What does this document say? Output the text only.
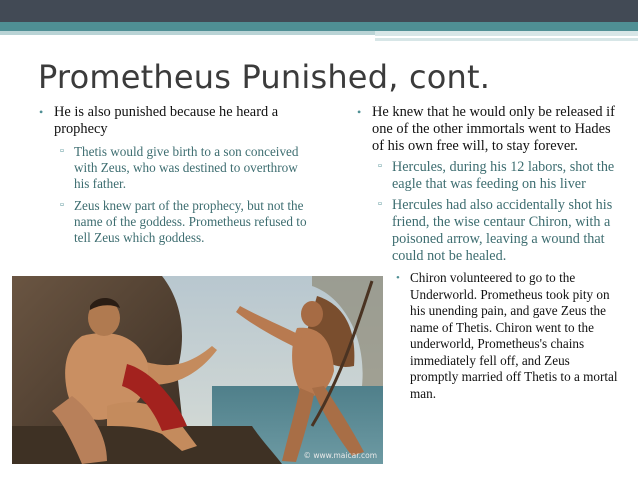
Prometheus Punished, cont.
• He is also punished because he heard a prophecy
▫ Thetis would give birth to a son conceived with Zeus, who was destined to overthrow his father.
▫ Zeus knew part of the prophecy, but not the name of the goddess. Prometheus refused to tell Zeus which goddess.
• He knew that he would only be released if one of the other immortals went to Hades of his own free will, to stay forever.
▫ Hercules, during his 12 labors, shot the eagle that was feeding on his liver
▫ Hercules had also accidentally shot his friend, the wise centaur Chiron, with a poisoned arrow, leaving a wound that could not be healed.
• Chiron volunteered to go to the Underworld. Prometheus took pity on his unending pain, and gave Zeus the name of Thetis. Chiron went to the underworld, Prometheus's chains immediately fell off, and Zeus promptly married off Thetis to a mortal man.
© www.maicar.com
